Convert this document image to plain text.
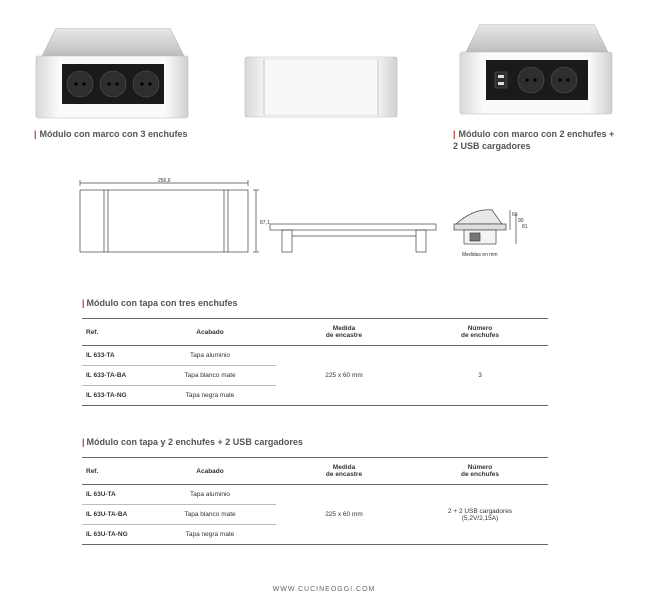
| Módulo con marco con 3 enchufes	| Módulo con marco con 2 enchufes +
2 USB cargadores
256,6
87,1
60
90
81
Medidas en mm
| Módulo con tapa con tres enchufes
Ref.	Acabado	Medida
de encastre	Número
de enchufes
IL 633-TA	Tapa aluminio	225 x 60 mm	3
IL 633-TA-BA	Tapa blanco mate		
IL 633-TA-NG	Tapa negra mate		
| Módulo con tapa y 2 enchufes + 2 USB cargadores
Ref.	Acabado	Medida
de encastre	Número
de enchufes
IL 63U-TA	Tapa aluminio	225 x 60 mm	2 + 2 USB cargadores
(5,2V/2,15A)
IL 63U-TA-BA	Tapa blanco mate		
IL 63U-TA-NG	Tapa negra mate		
WWW.CUCINEOGGI.COM
